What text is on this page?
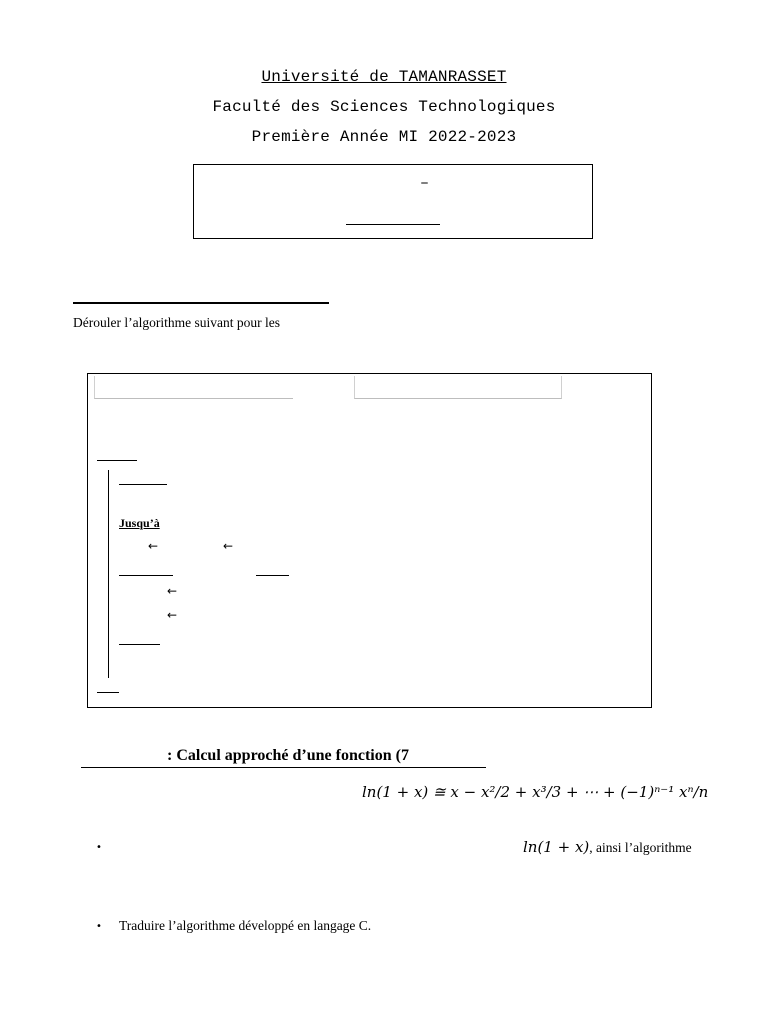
Université de TAMANRASSET
Faculté des Sciences Technologiques
Première Année MI 2022-2023
–
Dérouler l’algorithme suivant pour les
Jusqu’à
←	←
←
←
: Calcul approché d’une fonction (7
ln(1 + x) ≅ x − x²/2 + x³/3 + ⋯ + (−1)ⁿ⁻¹ xⁿ/n
•	ln(1 + x), ainsi l’algorithme
• Traduire l’algorithme développé en langage C.
